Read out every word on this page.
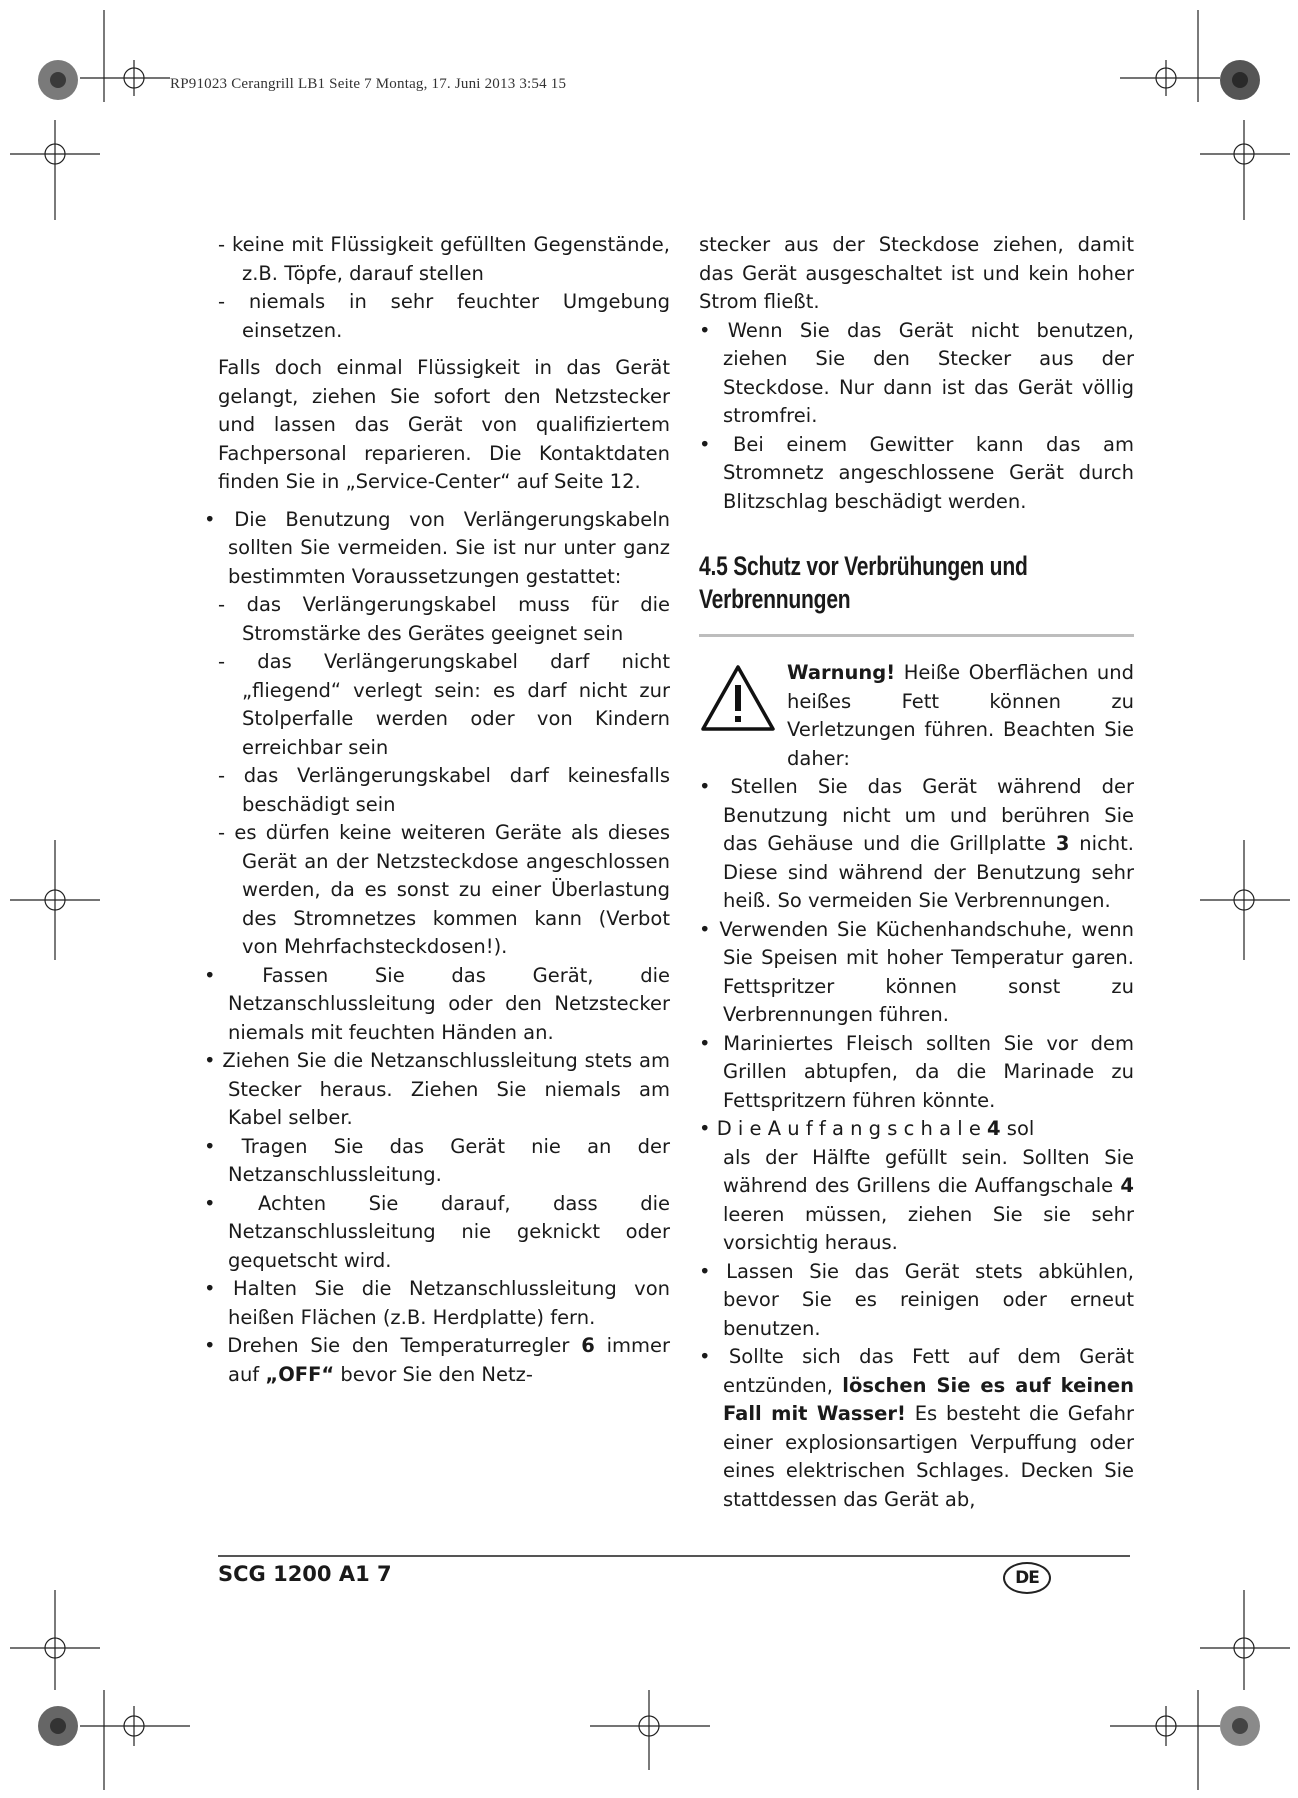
RP91023 Cerangrill LB1 Seite 7 Montag, 17. Juni 2013 3:54 15

- keine mit Flüssigkeit gefüllten Gegenstände, z.B. Töpfe, darauf stellen

- niemals in sehr feuchter Umgebung einsetzen.

Falls doch einmal Flüssigkeit in das Gerät gelangt, ziehen Sie sofort den Netzstecker und lassen das Gerät von qualifiziertem Fachpersonal reparieren. Die Kontaktdaten finden Sie in „Service-Center“ auf Seite 12.

• Die Benutzung von Verlängerungskabeln sollten Sie vermeiden. Sie ist nur unter ganz bestimmten Voraussetzungen gestattet:

- das Verlängerungskabel muss für die Stromstärke des Gerätes geeignet sein

- das Verlängerungskabel darf nicht „fliegend“ verlegt sein: es darf nicht zur Stolperfalle werden oder von Kindern erreichbar sein

- das Verlängerungskabel darf keinesfalls beschädigt sein

- es dürfen keine weiteren Geräte als dieses Gerät an der Netzsteckdose angeschlossen werden, da es sonst zu einer Überlastung des Stromnetzes kommen kann (Verbot von Mehrfachsteckdosen!).

• Fassen Sie das Gerät, die Netzanschlussleitung oder den Netzstecker niemals mit feuchten Händen an.

• Ziehen Sie die Netzanschlussleitung stets am Stecker heraus. Ziehen Sie niemals am Kabel selber.

• Tragen Sie das Gerät nie an der Netzanschlussleitung.

• Achten Sie darauf, dass die Netzanschlussleitung nie geknickt oder gequetscht wird.

• Halten Sie die Netzanschlussleitung von heißen Flächen (z.B. Herdplatte) fern.

• Drehen Sie den Temperaturregler 6 immer auf „OFF“ bevor Sie den Netz-

stecker aus der Steckdose ziehen, damit das Gerät ausgeschaltet ist und kein hoher Strom fließt.

• Wenn Sie das Gerät nicht benutzen, ziehen Sie den Stecker aus der Steckdose. Nur dann ist das Gerät völlig stromfrei.

• Bei einem Gewitter kann das am Stromnetz angeschlossene Gerät durch Blitzschlag beschädigt werden.

4.5 Schutz vor Verbrühungen und Verbrennungen

Warnung! Heiße Oberflächen und heißes Fett können zu Verletzungen führen. Beachten Sie daher:

• Stellen Sie das Gerät während der Benutzung nicht um und berühren Sie das Gehäuse und die Grillplatte 3 nicht. Diese sind während der Benutzung sehr heiß. So vermeiden Sie Verbrennungen.

• Verwenden Sie Küchenhandschuhe, wenn Sie Speisen mit hoher Temperatur garen. Fettspritzer können sonst zu Verbrennungen führen.

• Mariniertes Fleisch sollten Sie vor dem Grillen abtupfen, da die Marinade zu Fettspritzern führen könnte.

• D i e A u f f a n g s c h a l e 4 sol

als der Hälfte gefüllt sein. Sollten Sie während des Grillens die Auffangschale 4 leeren müssen, ziehen Sie sie sehr vorsichtig heraus.

• Lassen Sie das Gerät stets abkühlen, bevor Sie es reinigen oder erneut benutzen.

• Sollte sich das Fett auf dem Gerät entzünden, löschen Sie es auf keinen Fall mit Wasser! Es besteht die Gefahr einer explosionsartigen Verpuffung oder eines elektrischen Schlages. Decken Sie stattdessen das Gerät ab,

SCG 1200 A1 7	DE
